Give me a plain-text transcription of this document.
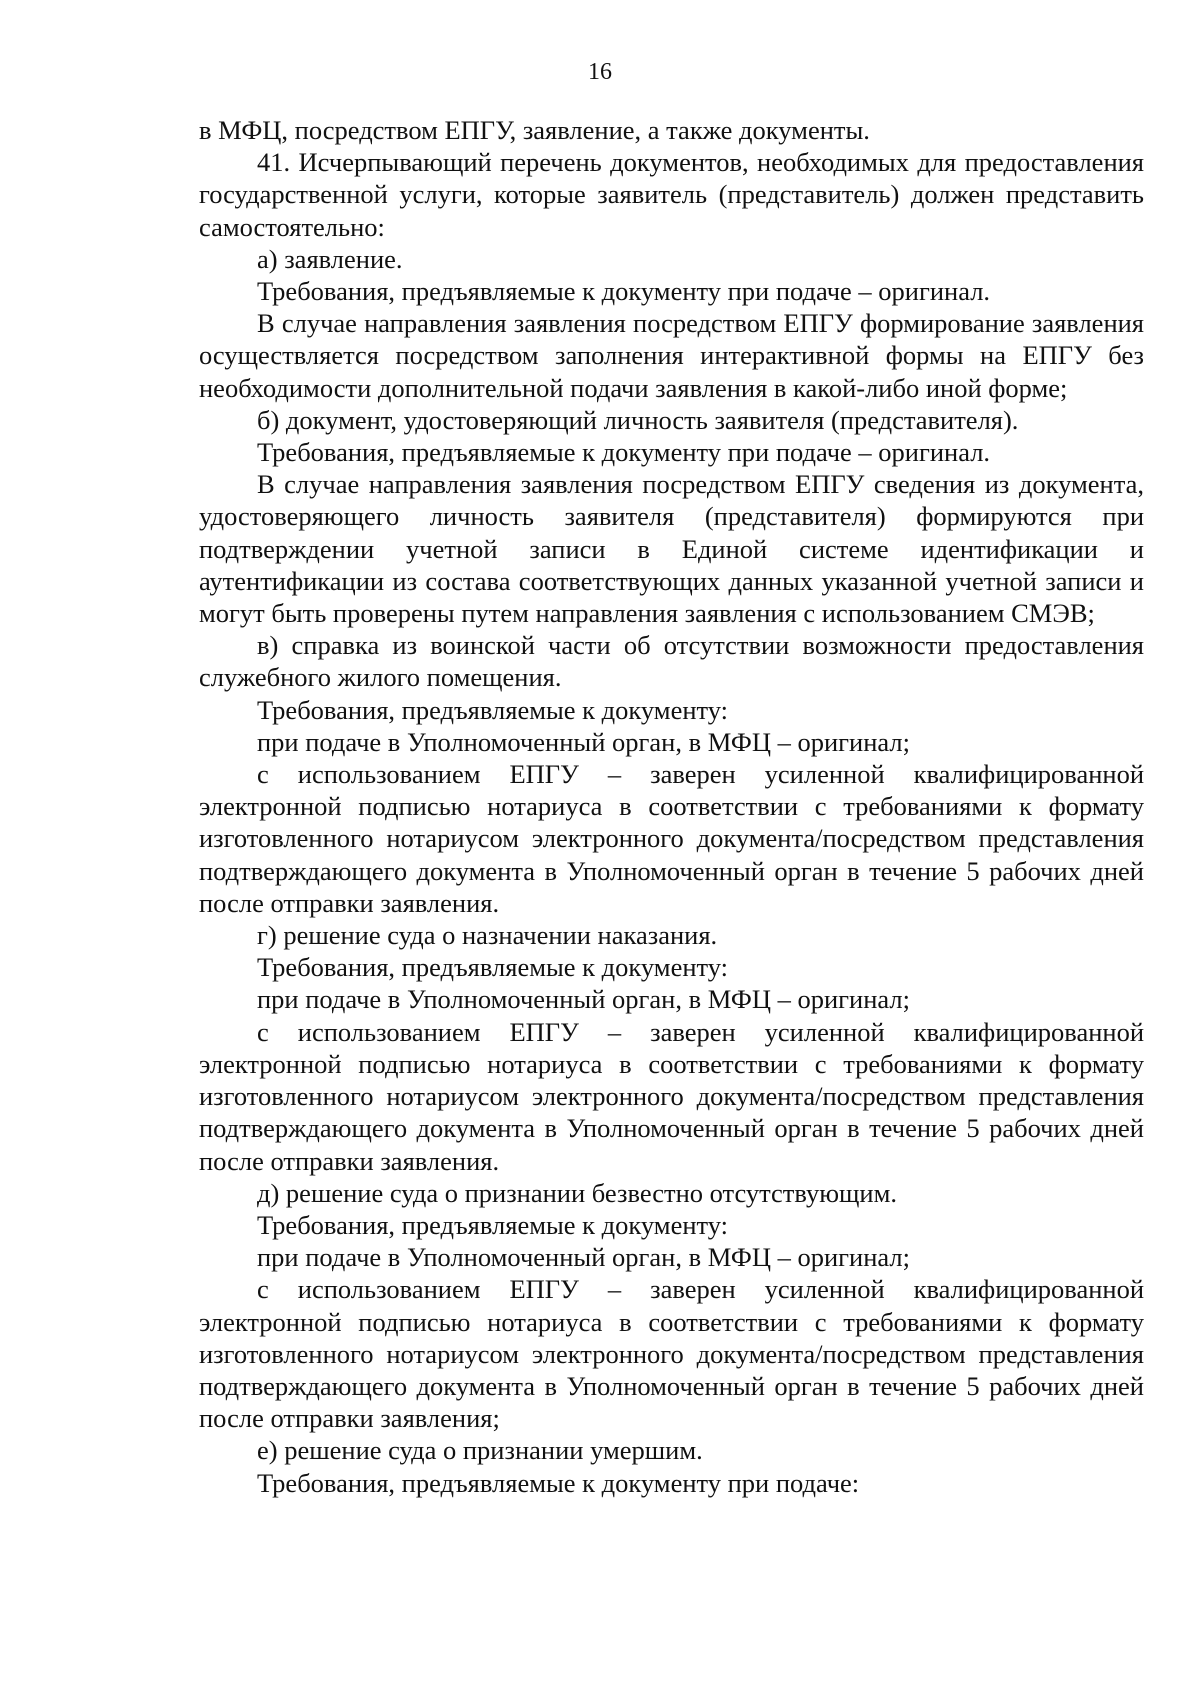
16

в МФЦ, посредством ЕПГУ, заявление, а также документы.

41. Исчерпывающий перечень документов, необходимых для предоставления государственной услуги, которые заявитель (представитель) должен представить самостоятельно:

а) заявление.

Требования, предъявляемые к документу при подаче – оригинал.

В случае направления заявления посредством ЕПГУ формирование заявления осуществляется посредством заполнения интерактивной формы на ЕПГУ без необходимости дополнительной подачи заявления в какой-либо иной форме;

б) документ, удостоверяющий личность заявителя (представителя).

Требования, предъявляемые к документу при подаче – оригинал.

В случае направления заявления посредством ЕПГУ сведения из документа, удостоверяющего личность заявителя (представителя) формируются при подтверждении учетной записи в Единой системе идентификации и аутентификации из состава соответствующих данных указанной учетной записи и могут быть проверены путем направления заявления с использованием СМЭВ;

в) справка из воинской части об отсутствии возможности предоставления служебного жилого помещения.

Требования, предъявляемые к документу:

при подаче в Уполномоченный орган, в МФЦ – оригинал;

с использованием ЕПГУ – заверен усиленной квалифицированной электронной подписью нотариуса в соответствии с требованиями к формату изготовленного нотариусом электронного документа/посредством представления подтверждающего документа в Уполномоченный орган в течение 5 рабочих дней после отправки заявления.

г) решение суда о назначении наказания.

Требования, предъявляемые к документу:

при подаче в Уполномоченный орган, в МФЦ – оригинал;

с использованием ЕПГУ – заверен усиленной квалифицированной электронной подписью нотариуса в соответствии с требованиями к формату изготовленного нотариусом электронного документа/посредством представления подтверждающего документа в Уполномоченный орган в течение 5 рабочих дней после отправки заявления.

д) решение суда о признании безвестно отсутствующим.

Требования, предъявляемые к документу:

при подаче в Уполномоченный орган, в МФЦ – оригинал;

с использованием ЕПГУ – заверен усиленной квалифицированной электронной подписью нотариуса в соответствии с требованиями к формату изготовленного нотариусом электронного документа/посредством представления подтверждающего документа в Уполномоченный орган в течение 5 рабочих дней после отправки заявления;

е) решение суда о признании умершим.

Требования, предъявляемые к документу при подаче:
